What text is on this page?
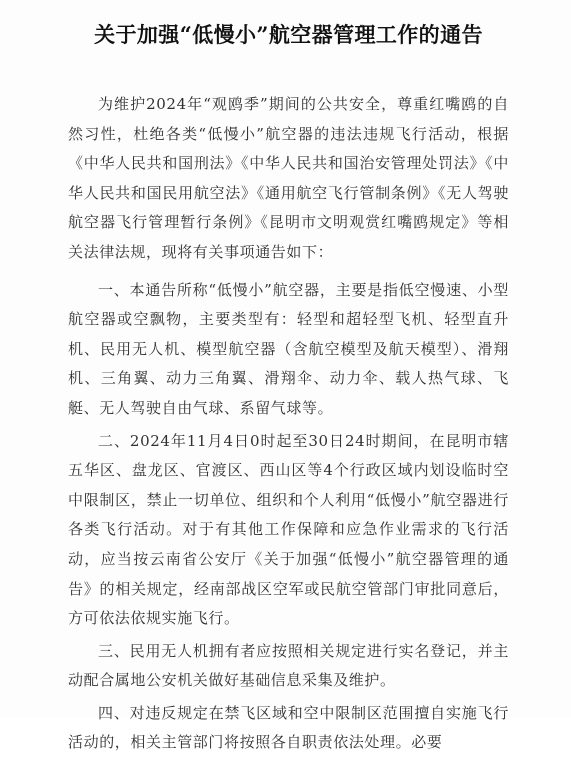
关于加强“低慢小”航空器管理工作的通告

为维护2024年“观鸥季”期间的公共安全，尊重红嘴鸥的自然习性，杜绝各类“低慢小”航空器的违法违规飞行活动，根据《中华人民共和国刑法》《中华人民共和国治安管理处罚法》《中华人民共和国民用航空法》《通用航空飞行管制条例》《无人驾驶航空器飞行管理暂行条例》《昆明市文明观赏红嘴鸥规定》等相关法律法规，现将有关事项通告如下：

一、本通告所称“低慢小”航空器，主要是指低空慢速、小型航空器或空飘物，主要类型有：轻型和超轻型飞机、轻型直升机、民用无人机、模型航空器（含航空模型及航天模型）、滑翔机、三角翼、动力三角翼、滑翔伞、动力伞、载人热气球、飞艇、无人驾驶自由气球、系留气球等。

二、2024年11月4日0时起至30日24时期间，在昆明市辖五华区、盘龙区、官渡区、西山区等4个行政区域内划设临时空中限制区，禁止一切单位、组织和个人利用“低慢小”航空器进行各类飞行活动。对于有其他工作保障和应急作业需求的飞行活动，应当按云南省公安厅《关于加强“低慢小”航空器管理的通告》的相关规定，经南部战区空军或民航空管部门审批同意后，方可依法依规实施飞行。

三、民用无人机拥有者应按照相关规定进行实名登记，并主动配合属地公安机关做好基础信息采集及维护。

四、对违反规定在禁飞区域和空中限制区范围擅自实施飞行活动的，相关主管部门将按照各自职责依法处理。必要
